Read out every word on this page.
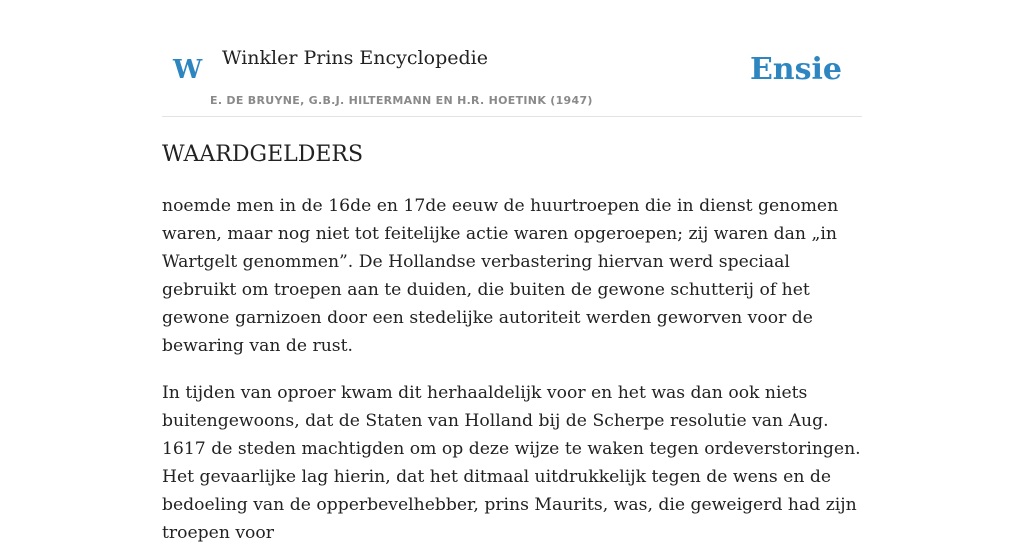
W Winkler Prins Encyclopedie
E. DE BRUYNE, G.B.J. HILTERMANN EN H.R. HOETINK (1947)
Ensie
WAARDGELDERS

noemde men in de 16de en 17de eeuw de huurtroepen die in dienst genomen waren, maar nog niet tot feitelijke actie waren opgeroepen; zij waren dan „in Wartgelt genommen”. De Hollandse verbastering hiervan werd speciaal gebruikt om troepen aan te duiden, die buiten de gewone schutterij of het gewone garnizoen door een stedelijke autoriteit werden geworven voor de bewaring van de rust.

In tijden van oproer kwam dit herhaaldelijk voor en het was dan ook niets buitengewoons, dat de Staten van Holland bij de Scherpe resolutie van Aug. 1617 de steden machtigden om op deze wijze te waken tegen ordeverstoringen. Het gevaarlijke lag hierin, dat het ditmaal uitdrukkelijk tegen de wens en de bedoeling van de opperbevelhebber, prins Maurits, was, die geweigerd had zijn troepen voor
